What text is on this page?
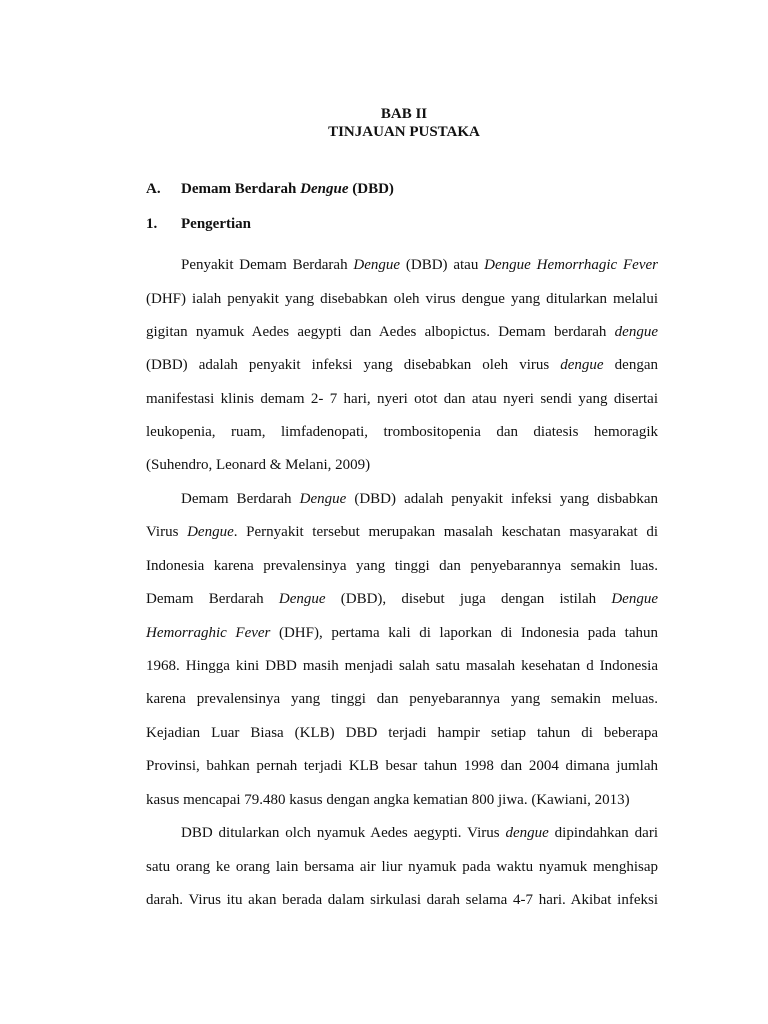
BAB II
TINJAUAN PUSTAKA
A. Demam Berdarah Dengue (DBD)
1. Pengertian
Penyakit Demam Berdarah Dengue (DBD) atau Dengue Hemorrhagic Fever
(DHF) ialah penyakit yang disebabkan oleh virus dengue yang ditularkan melalui
gigitan nyamuk Aedes aegypti dan Aedes albopictus. Demam berdarah dengue
(DBD) adalah penyakit infeksi yang disebabkan oleh virus dengue dengan
manifestasi klinis demam 2- 7 hari, nyeri otot dan atau nyeri sendi yang disertai
leukopenia, ruam, limfadenopati, trombositopenia dan diatesis hemoragik
(Suhendro, Leonard & Melani, 2009)
Demam Berdarah Dengue (DBD) adalah penyakit infeksi yang disbabkan
Virus Dengue. Pernyakit tersebut merupakan masalah keschatan masyarakat di
Indonesia karena prevalensinya yang tinggi dan penyebarannya semakin luas.
Demam Berdarah Dengue (DBD), disebut juga dengan istilah Dengue
Hemorraghic Fever (DHF), pertama kali di laporkan di Indonesia pada tahun
1968. Hingga kini DBD masih menjadi salah satu masalah kesehatan d Indonesia
karena prevalensinya yang tinggi dan penyebarannya yang semakin meluas.
Kejadian Luar Biasa (KLB) DBD terjadi hampir setiap tahun di beberapa
Provinsi, bahkan pernah terjadi KLB besar tahun 1998 dan 2004 dimana jumlah
kasus mencapai 79.480 kasus dengan angka kematian 800 jiwa. (Kawiani, 2013)
DBD ditularkan olch nyamuk Aedes aegypti. Virus dengue dipindahkan dari
satu orang ke orang lain bersama air liur nyamuk pada waktu nyamuk menghisap
darah. Virus itu akan berada dalam sirkulasi darah selama 4-7 hari. Akibat infeksi
